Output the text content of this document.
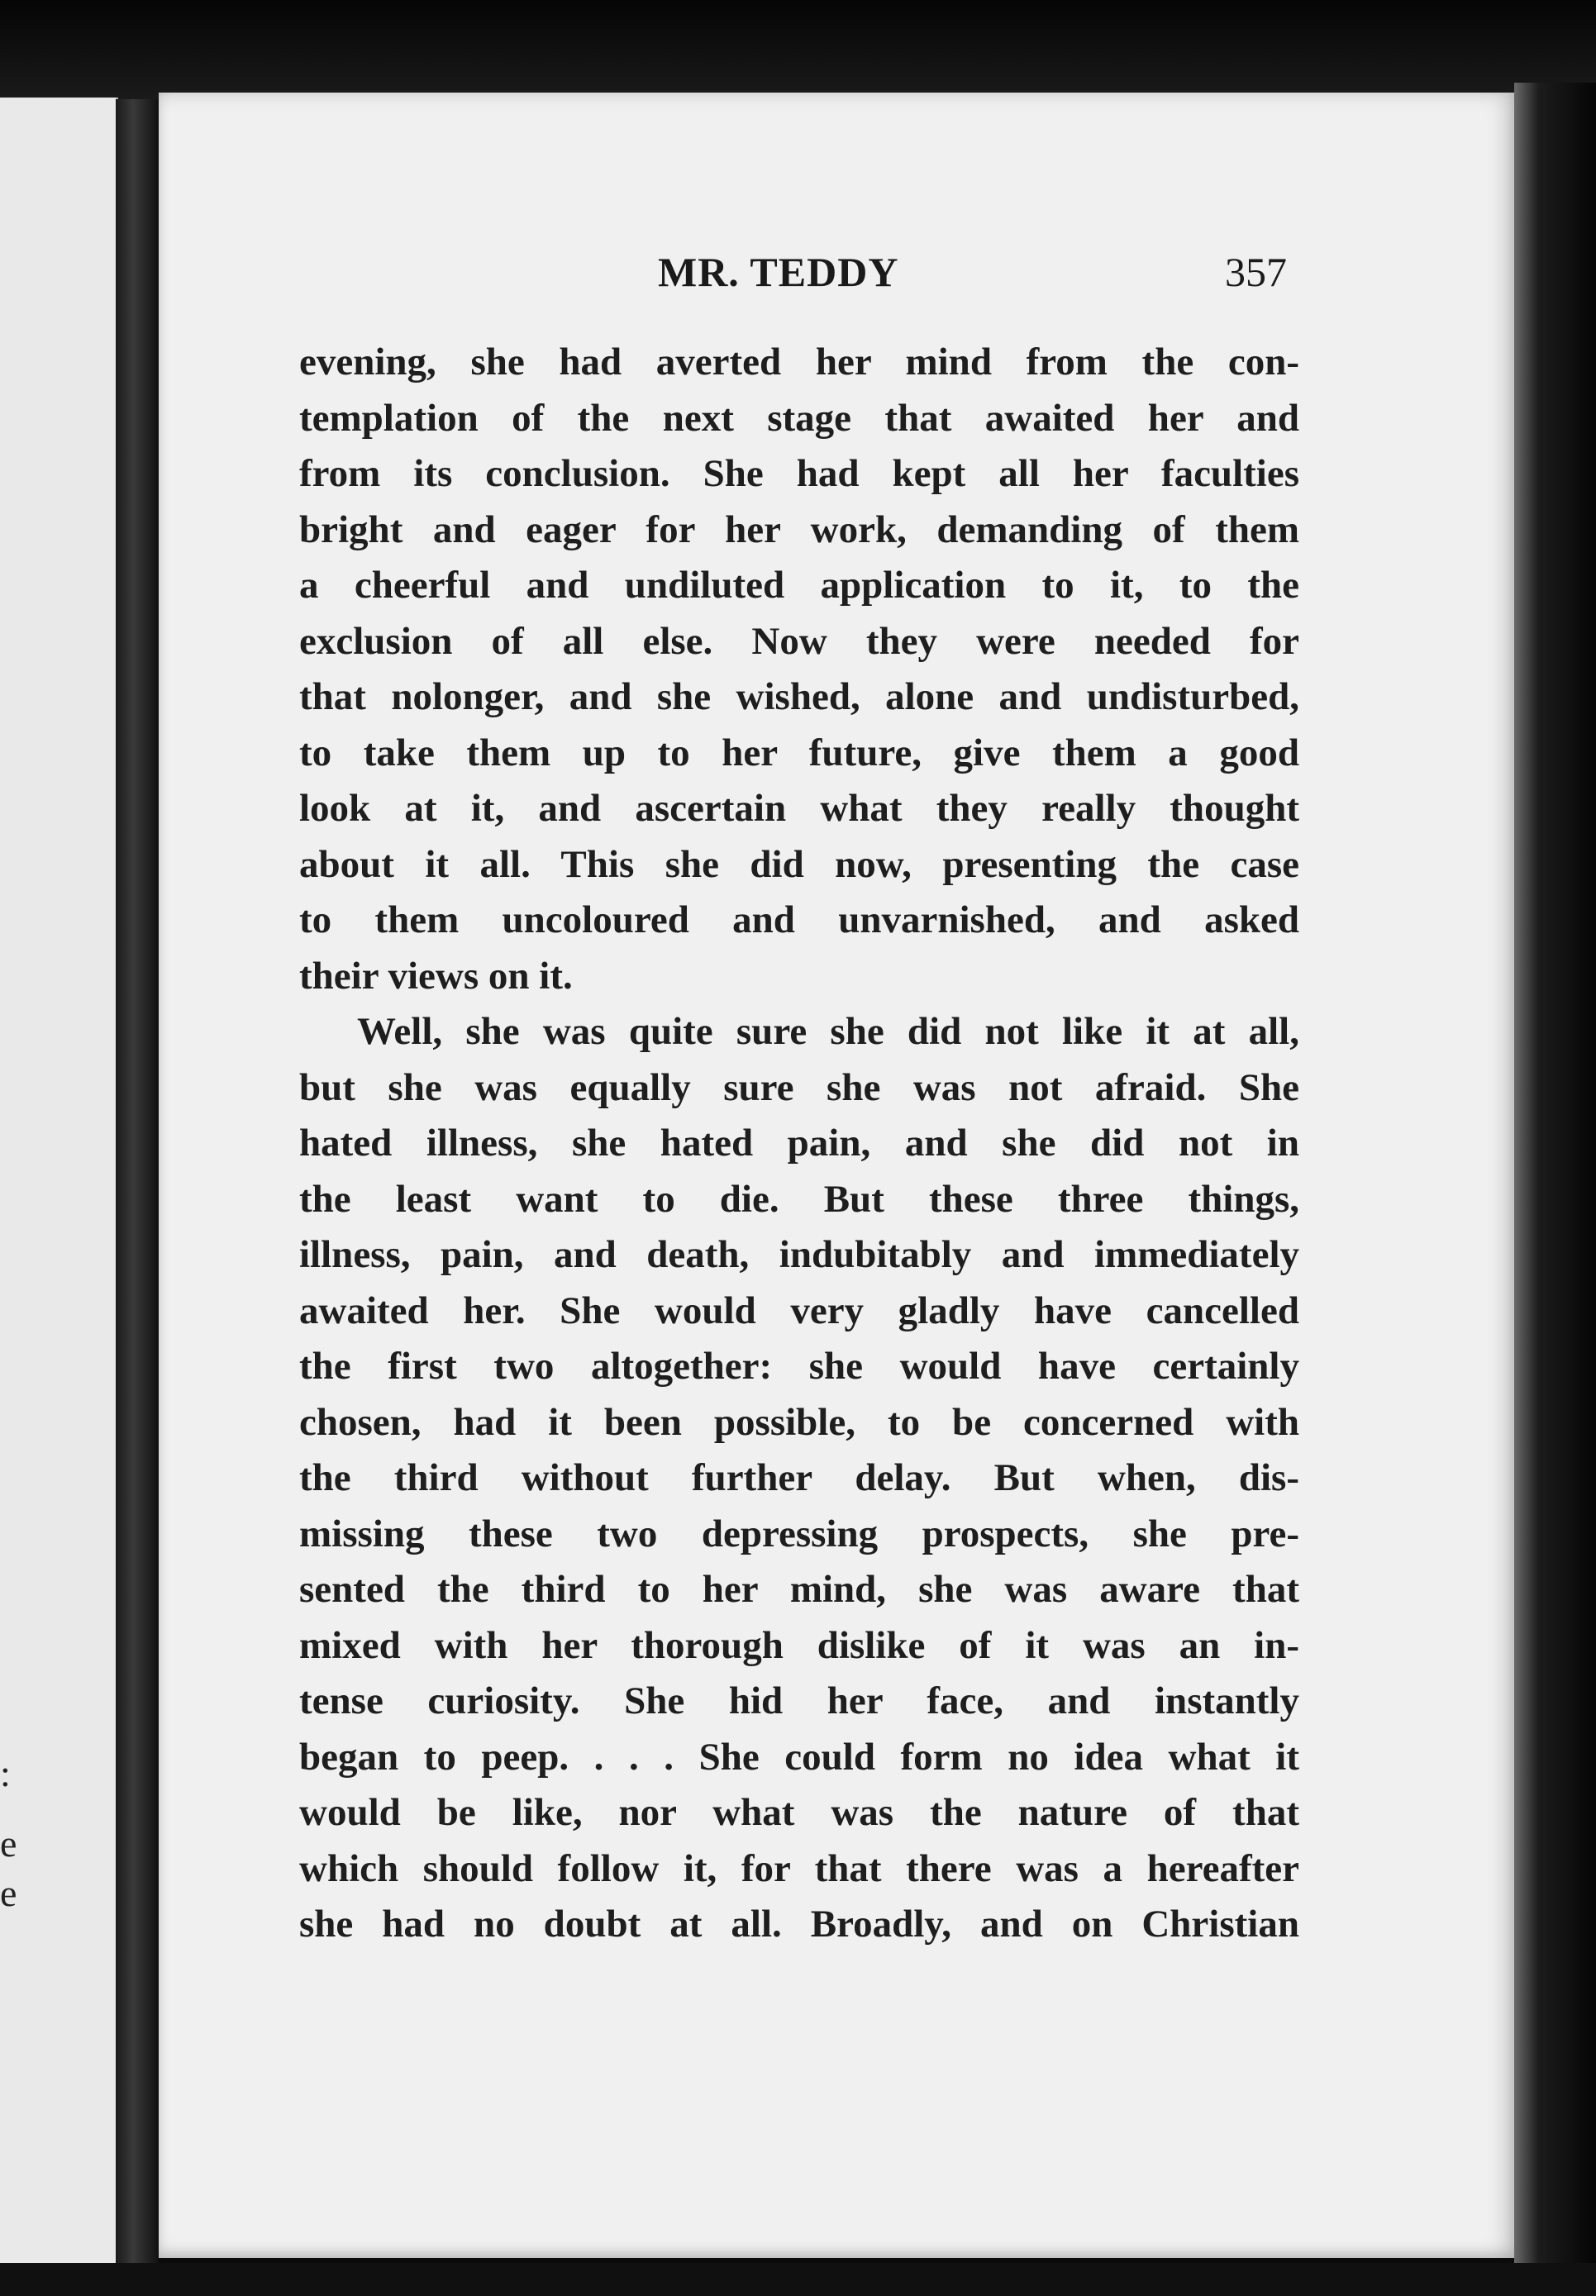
:
e
e
MR. TEDDY	357
evening, she had averted her mind from the con-
templation of the next stage that awaited her and
from its conclusion. She had kept all her faculties
bright and eager for her work, demanding of them
a cheerful and undiluted application to it, to the
exclusion of all else. Now they were needed for
that nolonger, and she wished, alone and undisturbed,
to take them up to her future, give them a good
look at it, and ascertain what they really thought
about it all. This she did now, presenting the case
to them uncoloured and unvarnished, and asked
their views on it.
Well, she was quite sure she did not like it at all,
but she was equally sure she was not afraid. She
hated illness, she hated pain, and she did not in
the least want to die. But these three things,
illness, pain, and death, indubitably and immediately
awaited her. She would very gladly have cancelled
the first two altogether: she would have certainly
chosen, had it been possible, to be concerned with
the third without further delay. But when, dis-
missing these two depressing prospects, she pre-
sented the third to her mind, she was aware that
mixed with her thorough dislike of it was an in-
tense curiosity. She hid her face, and instantly
began to peep. . . . She could form no idea what it
would be like, nor what was the nature of that
which should follow it, for that there was a hereafter
she had no doubt at all. Broadly, and on Christian
